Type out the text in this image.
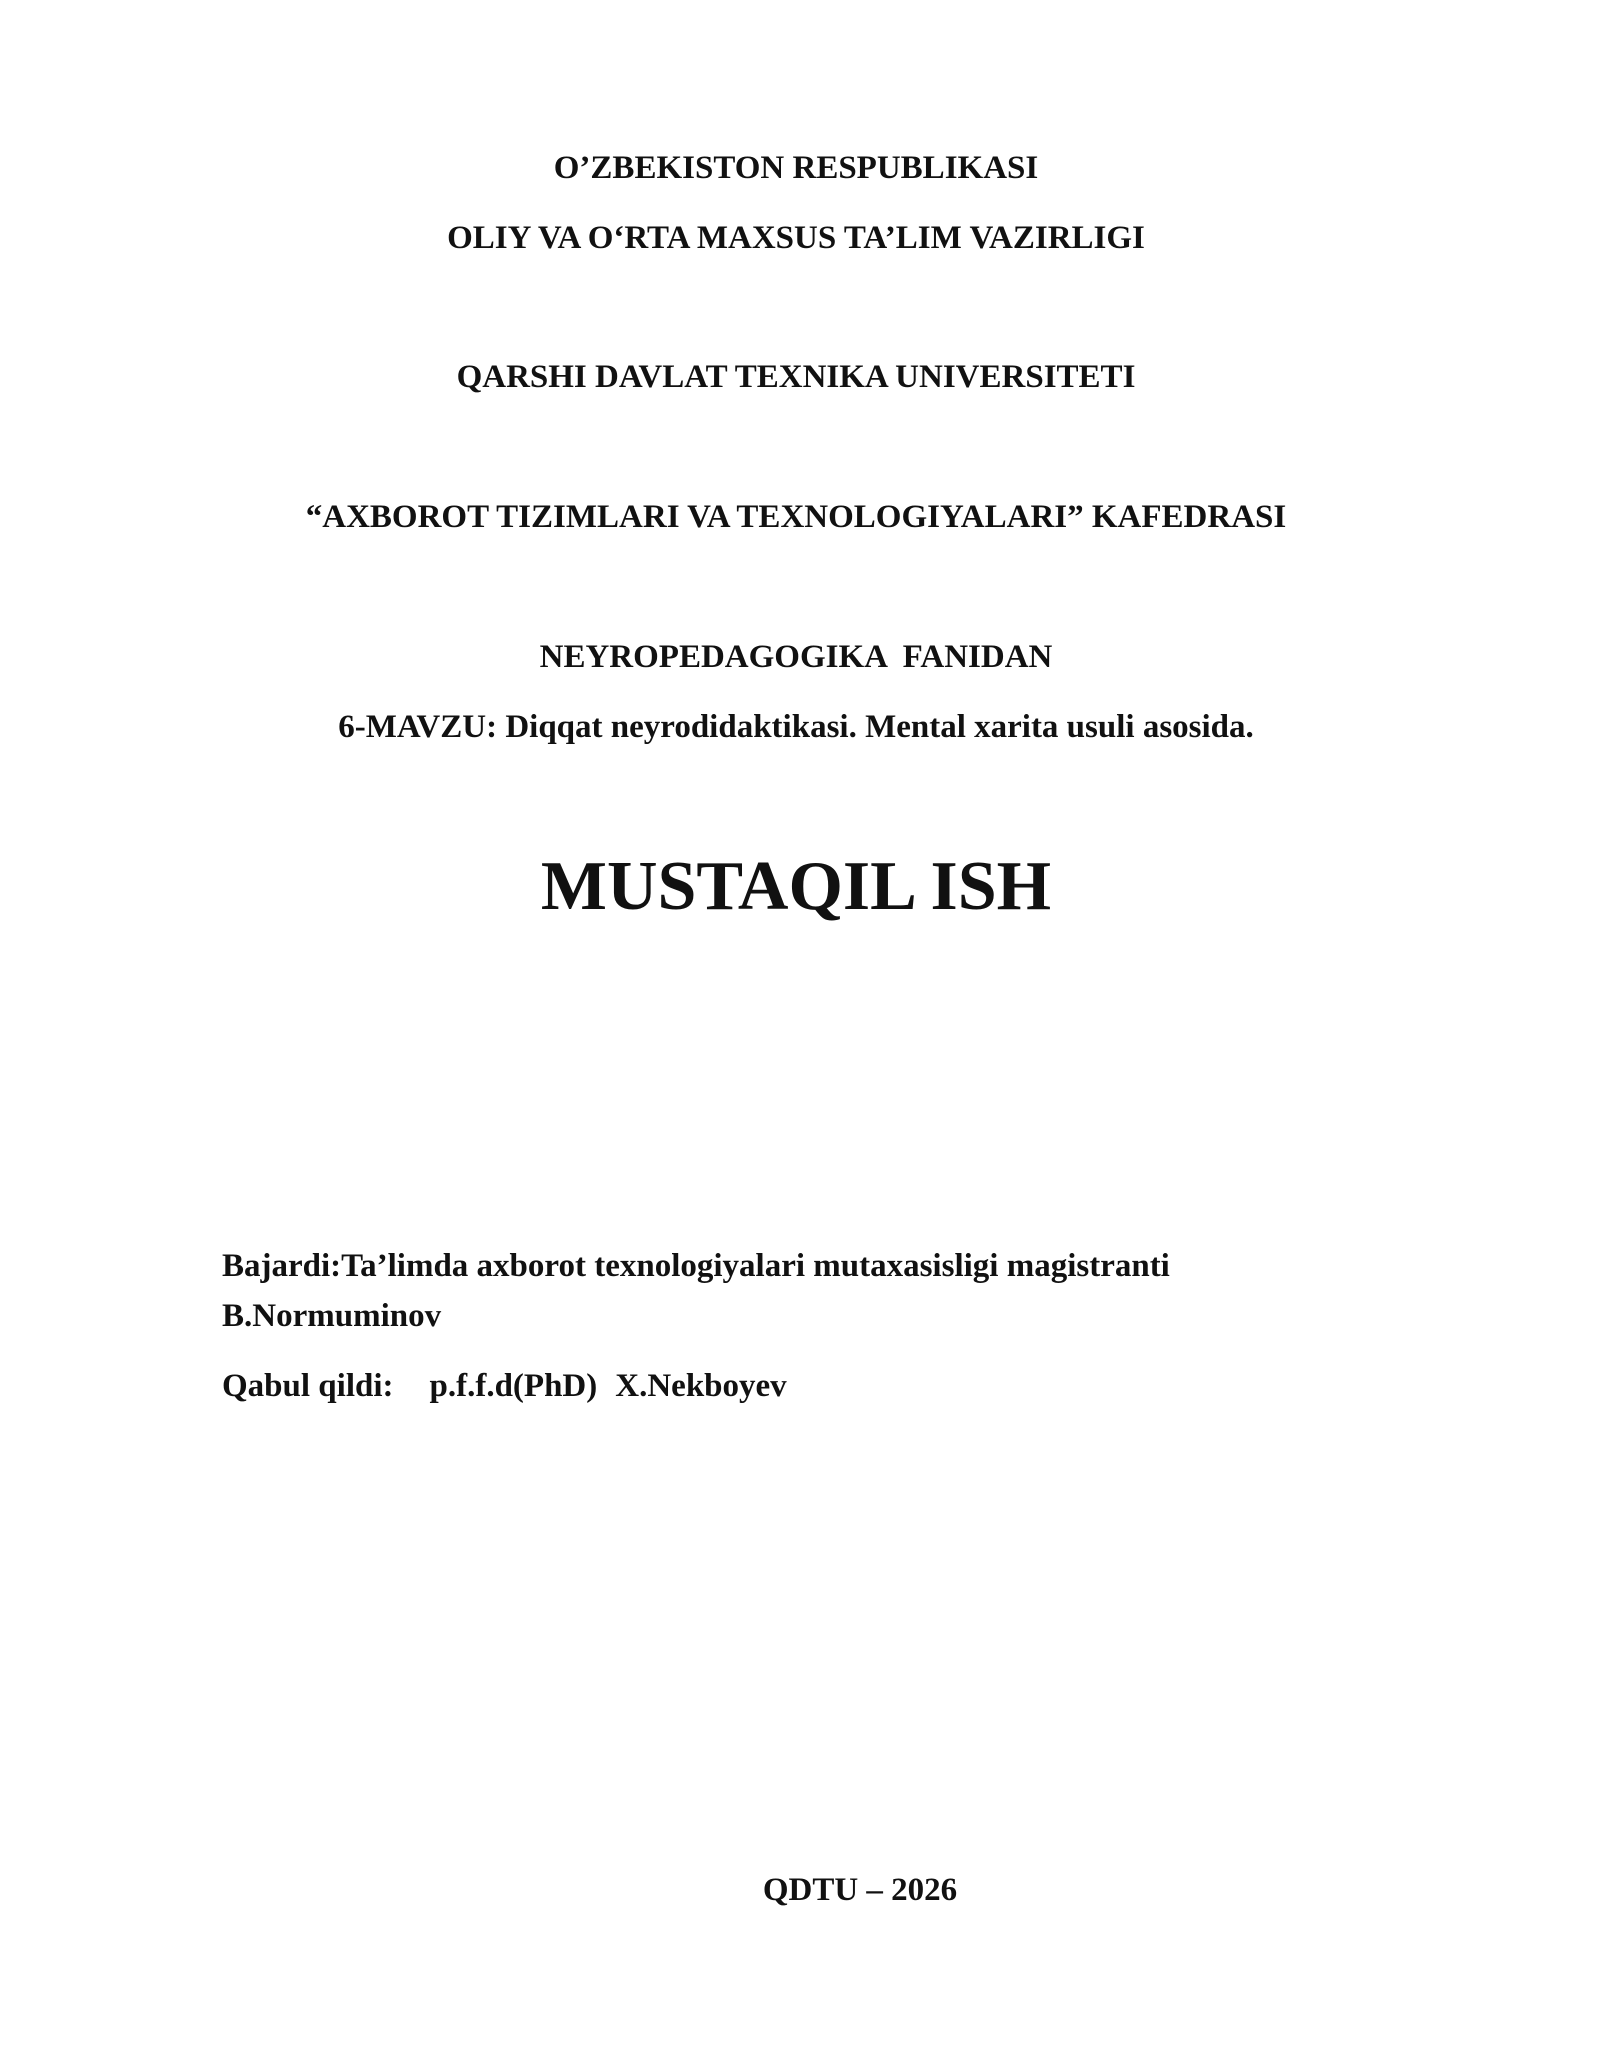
O’ZBEKISTON RESPUBLIKASI
OLIY VA O‘RTA MAXSUS TA’LIM VAZIRLIGI
QARSHI DAVLAT TEXNIKA UNIVERSITETI
“AXBOROT TIZIMLARI VA TEXNOLOGIYALARI” KAFEDRASI
NEYROPEDAGOGIKA  FANIDAN
6-MAVZU: Diqqat neyrodidaktikasi. Mental xarita usuli asosida.
MUSTAQIL ISH
Bajardi:Ta’limda axborot texnologiyalari mutaxasisligi magistranti
B.Normuminov
Qabul qildi: p.f.f.d(PhD) X.Nekboyev
QDTU – 2026
